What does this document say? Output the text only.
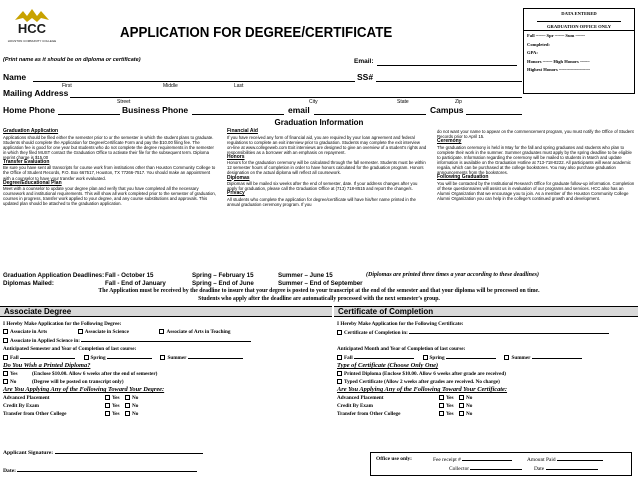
HCC
HOUSTON COMMUNITY COLLEGE	APPLICATION FOR DEGREE/CERTIFICATE
DATA ENTERED
GRADUATION OFFICE ONLY
Fall ~~~~ Spr ~~~~ Sum ~~~~
Completed:
GPA:
Honors ~~~~ High Honors ~~~~
Highest Honors ~~~~~~~~~~~~~
(Print name as it should be on diploma or certificate)	Email:
Name	SS#
First	Middle	Last
Mailing Address
Street	City	State	Zip
Home Phone	Business Phone	email	Campus
Graduation Information
Graduation Application
Applications should be filed either the semester prior to or the semester in which the student plans to graduate. Students should complete the Application for Degree/Certificate Form and pay the $10.00 filing fee. The application fee is good for one year but students who do not complete the degree requirements in the semester in which they filed MUST contact the Graduation Office to activate their file for the subsequent term. Diploma reprint charge is $15.00
Transfer Evaluation
Be sure you have sent all transcripts for course work from institutions other than Houston Community College to the Office of Student Records, P.O. Box 667517, Houston, TX 77266-7517. You should make an appointment with a counselor to have your transfer work evaluated.
Degree/Educational Plan
Meet with a counselor to update your degree plan and verify that you have completed all the necessary coursework and institutional requirements. This will show all work completed prior to the semester of graduation, courses in progress, transfer work applied to your degree, and any course substitutions and approvals. This updated plan should be attached to the graduation application.
Financial Aid
If you have received any form of financial aid, you are required by your loan agreement and federal regulations to complete an exit interview prior to graduation. Students may complete the exit interview on-line at www.collegeweb.com Exit interviews are designed to give an overview of a student's rights and responsibilities as a borrower with an emphasis on repayment.
Honors
Honors for the graduation ceremony will be calculated through the fall semester. Students must be within 12 semester hours of completion in order to have honors calculated for the graduation program. Honors designation on the actual diploma will reflect all coursework.
Diplomas
Diplomas will be mailed six weeks after the end of semester, date. If your address changes after you apply for graduation, please call the Graduation Office at (713) 718-8515 and report the change/s.
Privacy
All students who complete the application for degree/certificate will have his/her name printed in the annual graduation ceremony program. If you
do not want your name to appear on the commencement program, you must notify the Office of Student Records prior to April 15.
Ceremony
The graduation ceremony is held in May for the fall and spring graduates and students who plan to complete their work in the summer. Summer graduates must apply by the spring deadline to be eligible to participate. Information regarding the ceremony will be mailed to students in March and update information is available on the Graduation Hotline at 713-718-8222. All participants will wear academic regalia, which can be purchased at the college bookstores. You may also purchase graduation announcements from the bookstores.
Following Graduation
You will be contacted by the Institutional Research Office for graduate follow-up information. Completion of these questionnaires will assist us in evaluation of our programs and services. HCC also has an Alumni Organization that we encourage you to join. As a member of the Houston Community College Alumni Organization you can help in the college's continued growth and development.
Graduation Application Deadlines: Fall - October 15	Spring – February 15	Summer – June 15	(Diplomas are printed three times a year according to these deadlines)
Diplomas Mailed:	Fall - End of January	Spring – End of June	Summer – End of September
The Application must be received by the deadline to insure that your degree is posted to your transcript at the end of the semester and that your diploma will be processed on time.
Students who apply after the deadline are automatically processed with the next semester's group.
Associate Degree	Certificate of Completion
I Hereby Make Application for the Following Degree:
Associate in Arts	Associate in Science	Associate of Arts in Teaching
Associate in Applied Science in:
Anticipated Semester and Year of Completion of last course:
Fall	Spring	Summer
Do You Wish a Printed Diploma?
Yes	(Enclose $10.00. Allow 6 weeks after the end of semester)
No	(Degree will be posted on transcript only)
Are You Applying Any of the Following Toward Your Degree:
Advanced Placement	Yes No
Credit By Exam	Yes No
Transfer from Other College	Yes No
Applicant Signature:
Date:
I Hereby Make Application for the Following Certificate:
Certificate of Completion in:
Anticipated Month and Year of Completion of last course:
Fall	Spring	Summer
Type of Certificate (Choose Only One)
Printed Diploma (Enclose $10.00. Allow 6 weeks after grade are received)
Typed Certificate (Allow 2 weeks after grades are received. No charge)
Are You Applying Any of the Following Toward Your Certificate:
Advanced Placement	Yes No
Credit By Exam	Yes No
Transfer from Other College	Yes No
Office use only:	Fee receipt #	Amount Paid
Collector	Date
